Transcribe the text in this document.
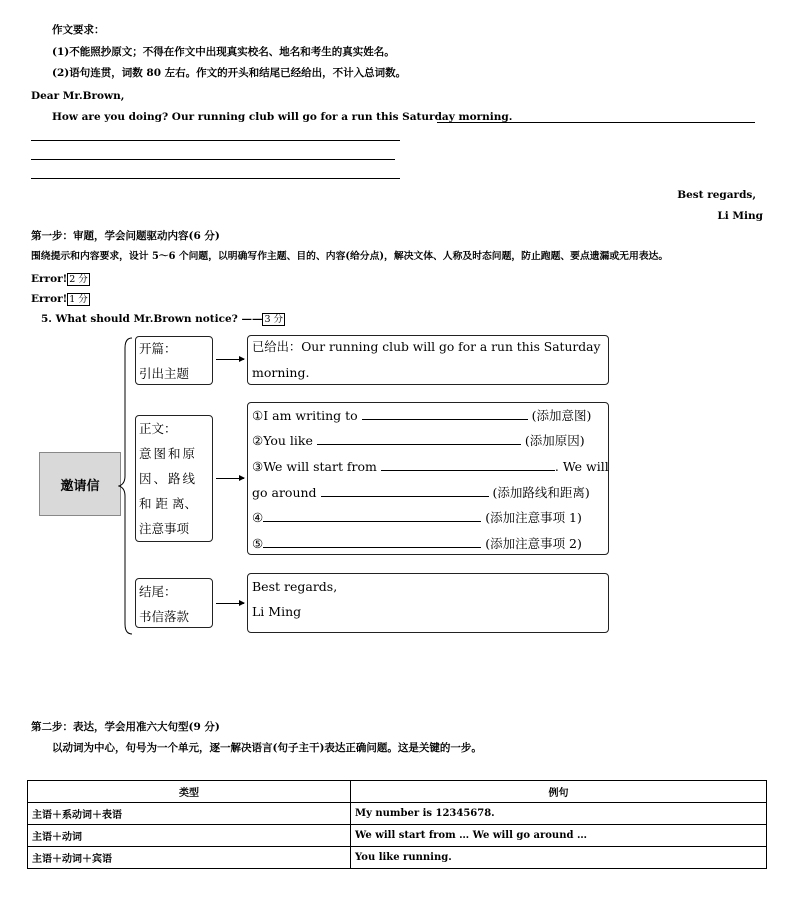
作文要求：
(1)不能照抄原文；不得在作文中出现真实校名、地名和考生的真实姓名。
(2)语句连贯，词数 80 左右。作文的开头和结尾已经给出，不计入总词数。
Dear Mr.Brown,
How are you doing? Our running club will go for a run this Saturday morning.
Best regards,
Li Ming
第一步：审题，学会问题驱动内容(6 分)
围绕提示和内容要求，设计 5～6 个问题，以明确写作主题、目的、内容(给分点)，解决文体、人称及时态问题，防止跑题、要点遗漏或无用表达。
Error! 2 分
Error! 1 分
5. What should Mr.Brown notice? —— 3 分
邀请信
开篇：
引出主题
已给出：Our running club will go for a run this Saturday
morning.
正文：
意图和原
因、路线
和 距 离、
注意事项
①I am writing to	(添加意图)
②You like	(添加原因)
③We will start from	. We will
go around	(添加路线和距离)
④	(添加注意事项 1)
⑤	(添加注意事项 2)
结尾：
书信落款
Best regards,
Li Ming
第二步：表达，学会用准六大句型(9 分)
以动词为中心，句号为一个单元，逐一解决语言(句子主干)表达正确问题。这是关键的一步。
类型	例句
主语＋系动词＋表语	My number is 12345678.
主语＋动词	We will start from … We will go around …
主语＋动词＋宾语	You like running.
